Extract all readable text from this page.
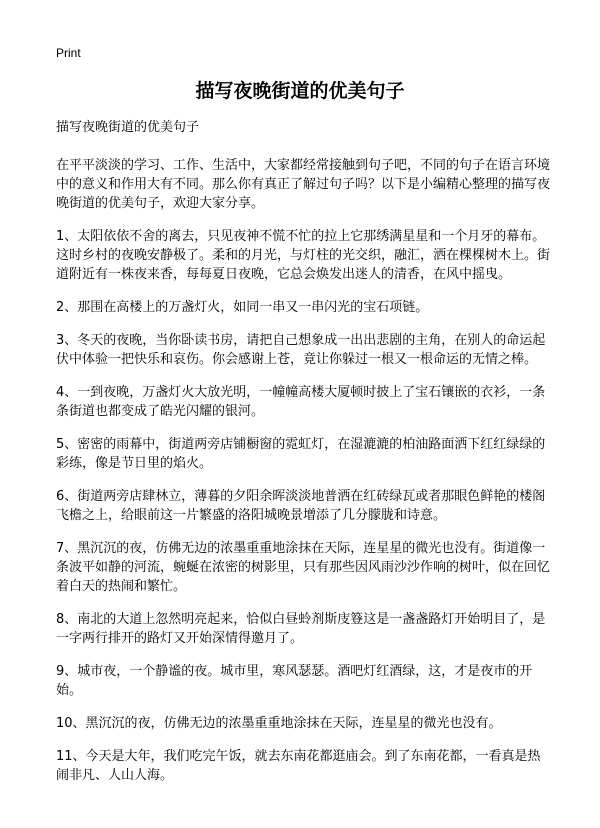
Print
描写夜晚街道的优美句子

描写夜晚街道的优美句子

在平平淡淡的学习、工作、生活中，大家都经常接触到句子吧，不同的句子在语言环境中的意义和作用大有不同。那么你有真正了解过句子吗？以下是小编精心整理的描写夜晚街道的优美句子，欢迎大家分享。

1、太阳依依不舍的离去，只见夜神不慌不忙的拉上它那绣满星星和一个月牙的幕布。这时乡村的夜晚安静极了。柔和的月光，与灯柱的光交织，融汇，洒在棵棵树木上。街道附近有一株夜来香，每每夏日夜晚，它总会焕发出迷人的清香，在风中摇曳。

2、那围在高楼上的万盏灯火，如同一串又一串闪光的宝石项链。

3、冬天的夜晚，当你卧读书房，请把自己想象成一出出悲剧的主角，在别人的命运起伏中体验一把快乐和哀伤。你会感谢上苍，竟让你躲过一根又一根命运的无情之棒。

4、一到夜晚，万盏灯火大放光明，一幢幢高楼大厦顿时披上了宝石镶嵌的衣衫，一条条街道也都变成了皓光闪耀的银河。

5、密密的雨幕中，街道两旁店铺橱窗的霓虹灯，在湿漉漉的柏油路面洒下红红绿绿的彩练，像是节日里的焰火。

6、街道两旁店肆林立，薄暮的夕阳余晖淡淡地普洒在红砖绿瓦或者那眼色鲜艳的楼阁飞檐之上，给眼前这一片繁盛的洛阳城晚景增添了几分朦胧和诗意。

7、黑沉沉的夜，仿佛无边的浓墨重重地涂抹在天际，连星星的微光也没有。街道像一条波平如静的河流，蜿蜒在浓密的树影里，只有那些因风雨沙沙作响的树叶，似在回忆着白天的热闹和繁忙。

8、南北的大道上忽然明亮起来，恰似白昼蛉剂斯庋簦这是一盏盏路灯开始明目了，是一字两行排开的路灯又开始深情得邀月了。

9、城市夜，一个静谧的夜。城市里，寒风瑟瑟。酒吧灯红酒绿，这，才是夜市的开始。

10、黑沉沉的夜，仿佛无边的浓墨重重地涂抹在天际，连星星的微光也没有。

11、今天是大年，我们吃完午饭，就去东南花都逛庙会。到了东南花都，一看真是热闹非凡、人山人海。
